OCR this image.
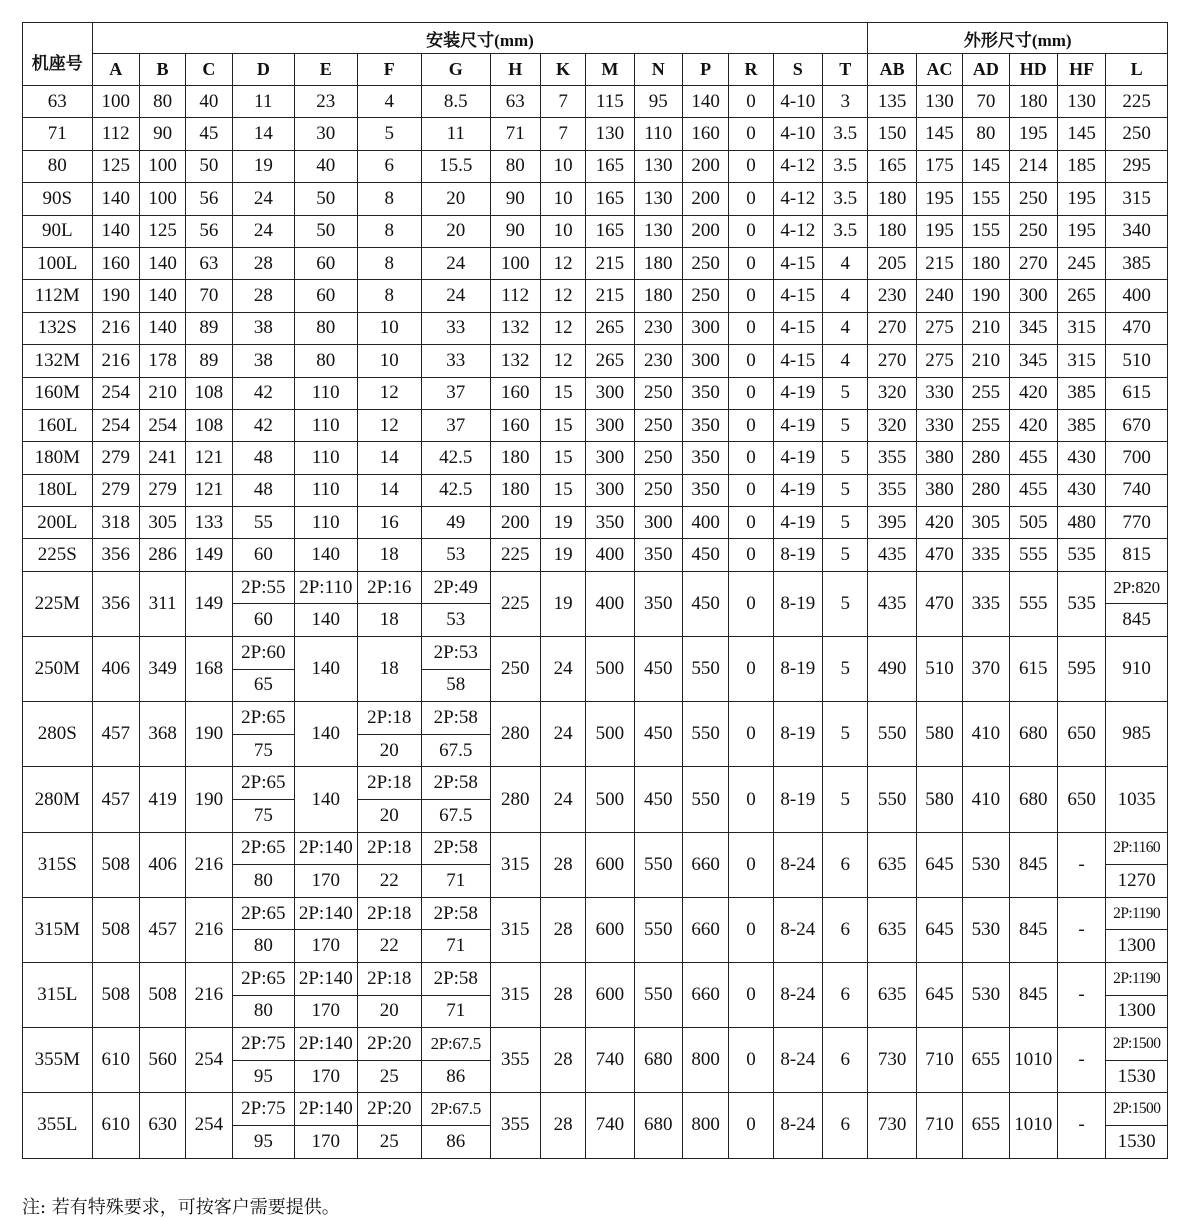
机座号	安装尺寸(mm)															外形尺寸(mm)					
	A	B	C	D	E	F	G	H	K	M	N	P	R	S	T	AB	AC	AD	HD	HF	L
63	100	80	40	11	23	4	8.5	63	7	115	95	140	0	4-10	3	135	130	70	180	130	225
71	112	90	45	14	30	5	11	71	7	130	110	160	0	4-10	3.5	150	145	80	195	145	250
80	125	100	50	19	40	6	15.5	80	10	165	130	200	0	4-12	3.5	165	175	145	214	185	295
90S	140	100	56	24	50	8	20	90	10	165	130	200	0	4-12	3.5	180	195	155	250	195	315
90L	140	125	56	24	50	8	20	90	10	165	130	200	0	4-12	3.5	180	195	155	250	195	340
100L	160	140	63	28	60	8	24	100	12	215	180	250	0	4-15	4	205	215	180	270	245	385
112M	190	140	70	28	60	8	24	112	12	215	180	250	0	4-15	4	230	240	190	300	265	400
132S	216	140	89	38	80	10	33	132	12	265	230	300	0	4-15	4	270	275	210	345	315	470
132M	216	178	89	38	80	10	33	132	12	265	230	300	0	4-15	4	270	275	210	345	315	510
160M	254	210	108	42	110	12	37	160	15	300	250	350	0	4-19	5	320	330	255	420	385	615
160L	254	254	108	42	110	12	37	160	15	300	250	350	0	4-19	5	320	330	255	420	385	670
180M	279	241	121	48	110	14	42.5	180	15	300	250	350	0	4-19	5	355	380	280	455	430	700
180L	279	279	121	48	110	14	42.5	180	15	300	250	350	0	4-19	5	355	380	280	455	430	740
200L	318	305	133	55	110	16	49	200	19	350	300	400	0	4-19	5	395	420	305	505	480	770
225S	356	286	149	60	140	18	53	225	19	400	350	450	0	8-19	5	435	470	335	555	535	815
225M	356	311	149	2P:55	2P:110	2P:16	2P:49	225	19	400	350	450	0	8-19	5	435	470	335	555	535	2P:820
				60	140	18	53														845
250M	406	349	168	2P:60	140	18	2P:53	250	24	500	450	550	0	8-19	5	490	510	370	615	595	910
				65			58														
280S	457	368	190	2P:65	140	2P:18	2P:58	280	24	500	450	550	0	8-19	5	550	580	410	680	650	985
				75		20	67.5														
280M	457	419	190	2P:65	140	2P:18	2P:58	280	24	500	450	550	0	8-19	5	550	580	410	680	650	1035
				75		20	67.5														
315S	508	406	216	2P:65	2P:140	2P:18	2P:58	315	28	600	550	660	0	8-24	6	635	645	530	845	-	2P:1160
				80	170	22	71														1270
315M	508	457	216	2P:65	2P:140	2P:18	2P:58	315	28	600	550	660	0	8-24	6	635	645	530	845	-	2P:1190
				80	170	22	71														1300
315L	508	508	216	2P:65	2P:140	2P:18	2P:58	315	28	600	550	660	0	8-24	6	635	645	530	845	-	2P:1190
				80	170	20	71														1300
355M	610	560	254	2P:75	2P:140	2P:20	2P:67.5	355	28	740	680	800	0	8-24	6	730	710	655	1010	-	2P:1500
				95	170	25	86														1530
355L	610	630	254	2P:75	2P:140	2P:20	2P:67.5	355	28	740	680	800	0	8-24	6	730	710	655	1010	-	2P:1500
				95	170	25	86														1530
注: 若有特殊要求，可按客户需要提供。
